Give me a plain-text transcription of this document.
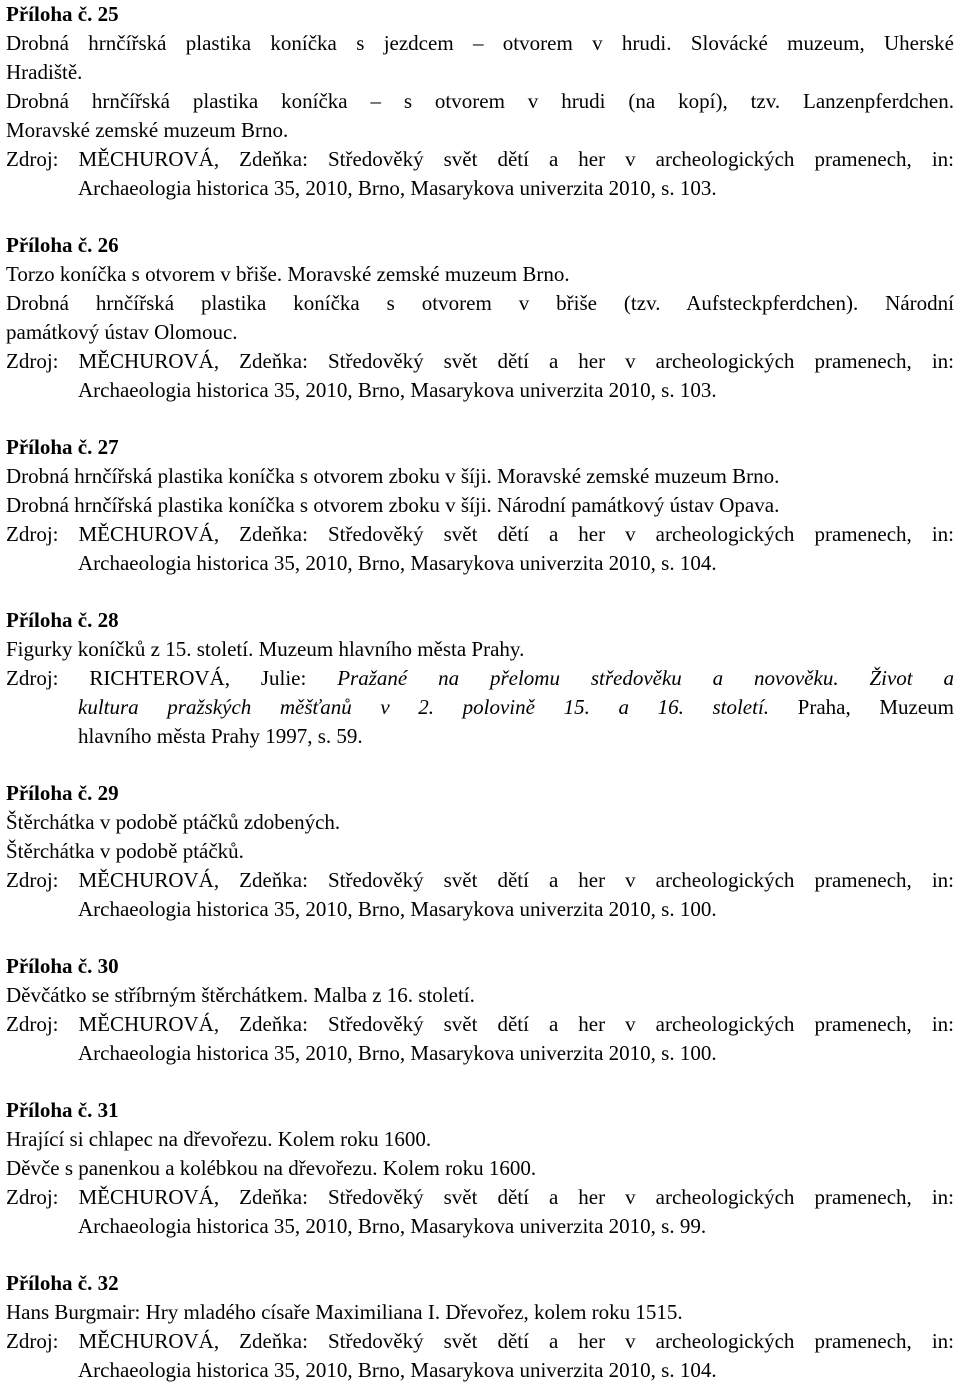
Příloha č. 25
Drobná hrnčířská plastika koníčka s jezdcem – otvorem v hrudi. Slovácké muzeum, Uherské
Hradiště.
Drobná hrnčířská plastika koníčka – s otvorem v hrudi (na kopí), tzv. Lanzenpferdchen.
Moravské zemské muzeum Brno.
Zdroj: MĚCHUROVÁ, Zdeňka: Středověký svět dětí a her v archeologických pramenech, in:
Archaeologia historica 35, 2010, Brno, Masarykova univerzita 2010, s. 103.
Příloha č. 26
Torzo koníčka s otvorem v břiše. Moravské zemské muzeum Brno.
Drobná hrnčířská plastika koníčka s otvorem v břiše (tzv. Aufsteckpferdchen). Národní
památkový ústav Olomouc.
Zdroj: MĚCHUROVÁ, Zdeňka: Středověký svět dětí a her v archeologických pramenech, in:
Archaeologia historica 35, 2010, Brno, Masarykova univerzita 2010, s. 103.
Příloha č. 27
Drobná hrnčířská plastika koníčka s otvorem zboku v šíji. Moravské zemské muzeum Brno.
Drobná hrnčířská plastika koníčka s otvorem zboku v šíji. Národní památkový ústav Opava.
Zdroj: MĚCHUROVÁ, Zdeňka: Středověký svět dětí a her v archeologických pramenech, in:
Archaeologia historica 35, 2010, Brno, Masarykova univerzita 2010, s. 104.
Příloha č. 28
Figurky koníčků z 15. století. Muzeum hlavního města Prahy.
Zdroj: RICHTEROVÁ, Julie: Pražané na přelomu středověku a novověku. Život a
kultura pražských měšťanů v 2. polovině 15. a 16. století. Praha, Muzeum
hlavního města Prahy 1997, s. 59.
Příloha č. 29
Štěrchátka v podobě ptáčků zdobených.
Štěrchátka v podobě ptáčků.
Zdroj: MĚCHUROVÁ, Zdeňka: Středověký svět dětí a her v archeologických pramenech, in:
Archaeologia historica 35, 2010, Brno, Masarykova univerzita 2010, s. 100.
Příloha č. 30
Děvčátko se stříbrným štěrchátkem. Malba z 16. století.
Zdroj: MĚCHUROVÁ, Zdeňka: Středověký svět dětí a her v archeologických pramenech, in:
Archaeologia historica 35, 2010, Brno, Masarykova univerzita 2010, s. 100.
Příloha č. 31
Hrající si chlapec na dřevořezu. Kolem roku 1600.
Děvče s panenkou a kolébkou na dřevořezu. Kolem roku 1600.
Zdroj: MĚCHUROVÁ, Zdeňka: Středověký svět dětí a her v archeologických pramenech, in:
Archaeologia historica 35, 2010, Brno, Masarykova univerzita 2010, s. 99.
Příloha č. 32
Hans Burgmair: Hry mladého císaře Maximiliana I. Dřevořez, kolem roku 1515.
Zdroj: MĚCHUROVÁ, Zdeňka: Středověký svět dětí a her v archeologických pramenech, in:
Archaeologia historica 35, 2010, Brno, Masarykova univerzita 2010, s. 104.
